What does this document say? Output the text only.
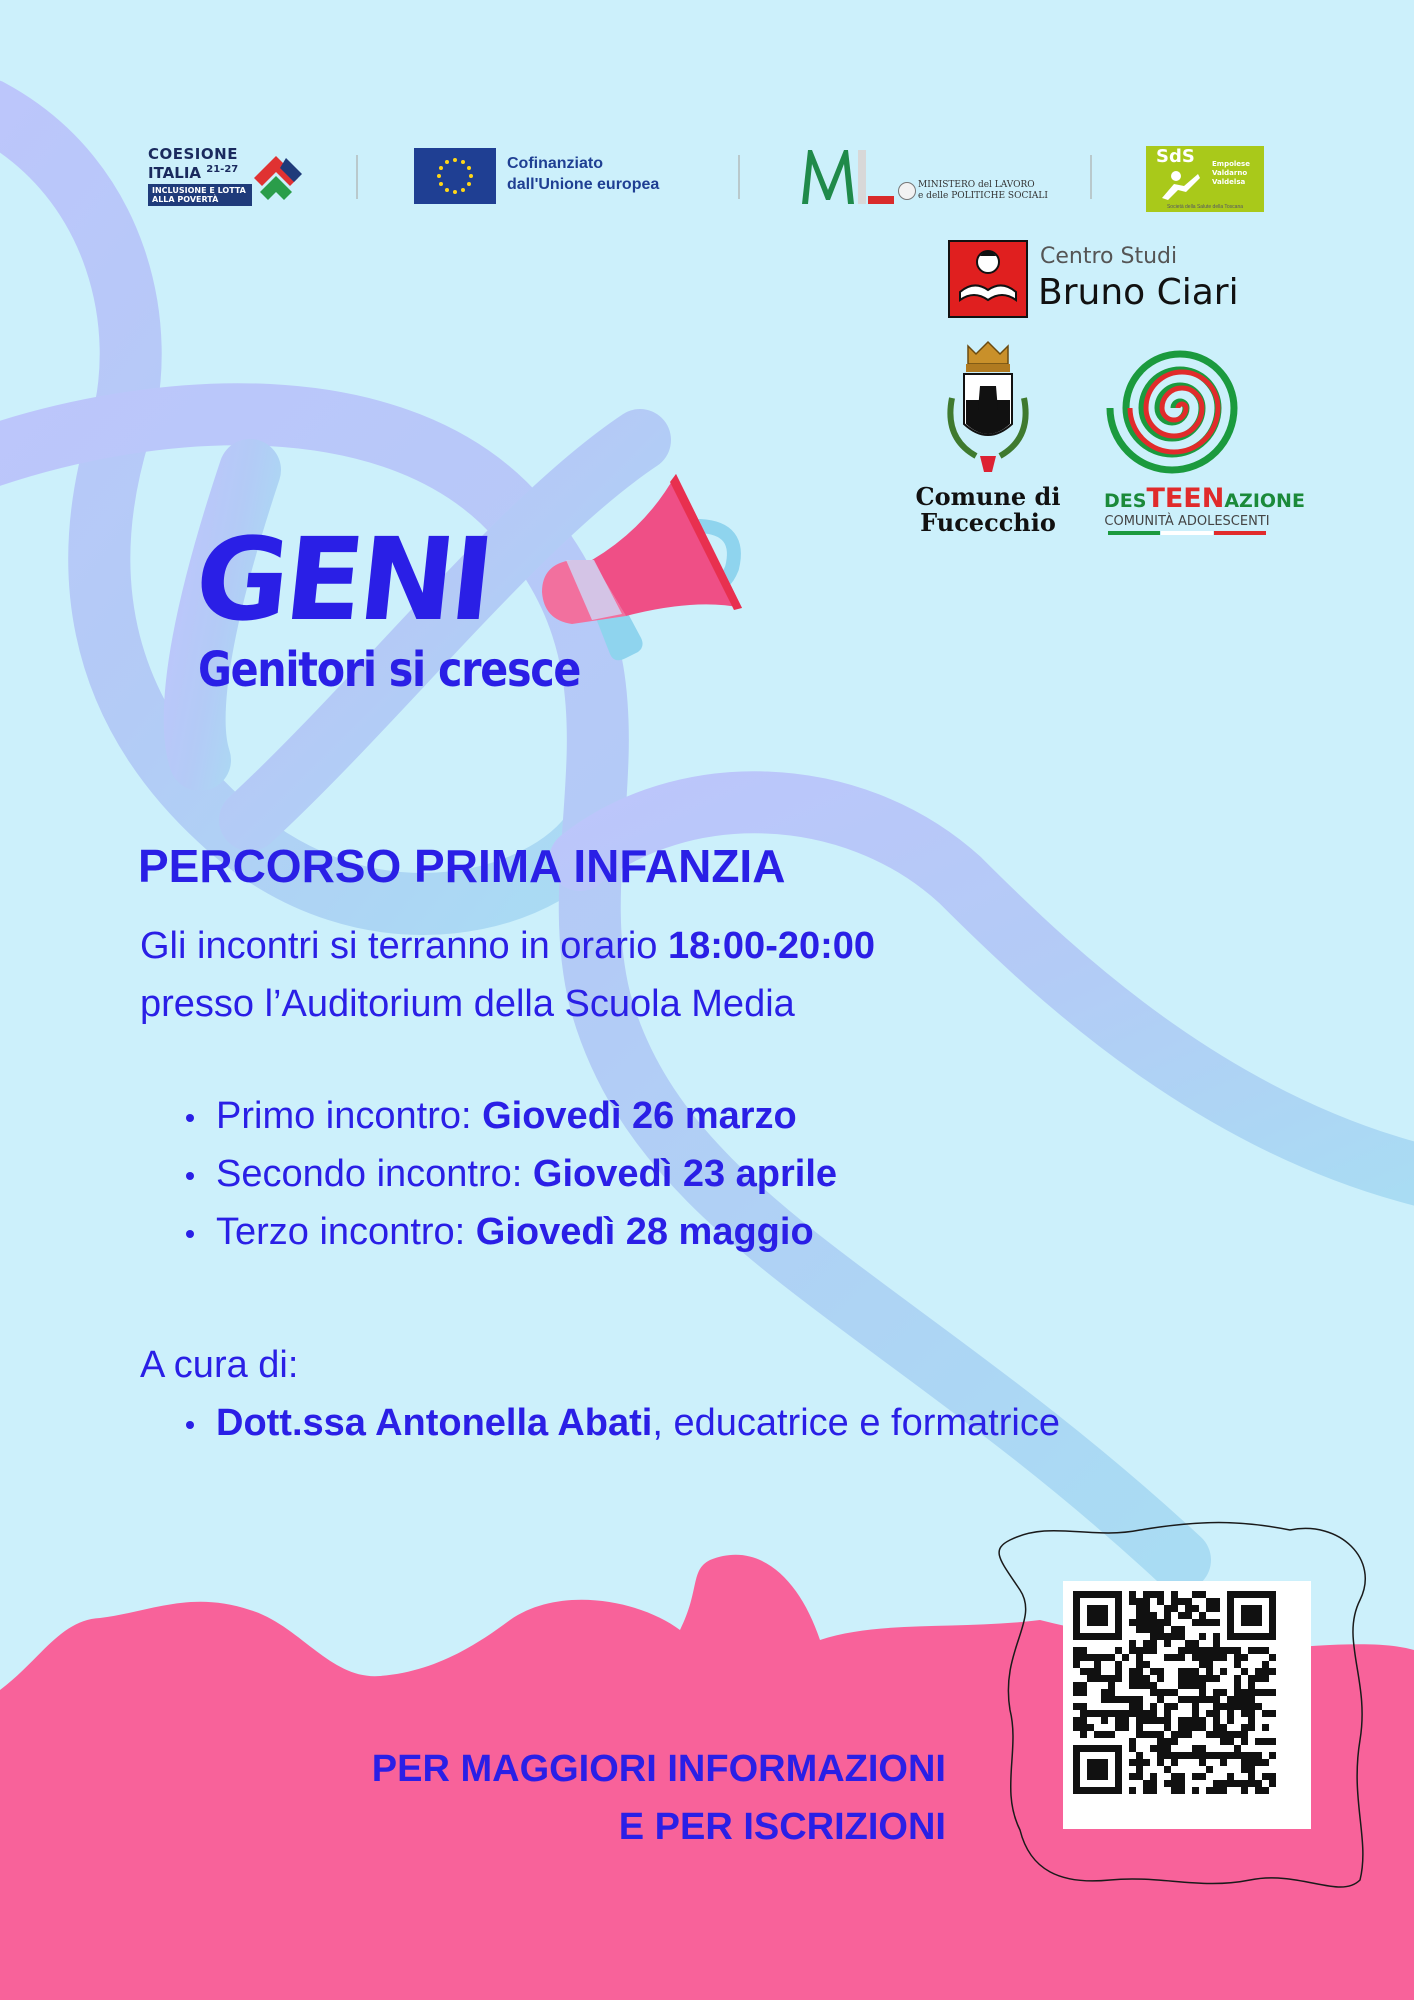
COESIONE
ITALIA $^{21-27}$
INCLUSIONE E LOTTA
ALLA POVERTÀ
Cofinanziato
dall'Unione europea	MINISTERO del LAVORO
e delle POLITICHE SOCIALI
SdS Empolese
Valdarno
Valdelsa
Società della Salute della Toscana
Centro Studi
Bruno Ciari
Comune di
Fucecchio
DESTEENAZIONE
COMUNITÀ ADOLESCENTI
GENI
Genitori si cresce
PERCORSO PRIMA INFANZIA
Gli incontri si terranno in orario 18:00-20:00
presso l’Auditorium della Scuola Media
Primo incontro: Giovedì 26 marzo
Secondo incontro: Giovedì 23 aprile
Terzo incontro: Giovedì 28 maggio
A cura di:
Dott.ssa Antonella Abati, educatrice e formatrice
PER MAGGIORI INFORMAZIONI
E PER ISCRIZIONI
